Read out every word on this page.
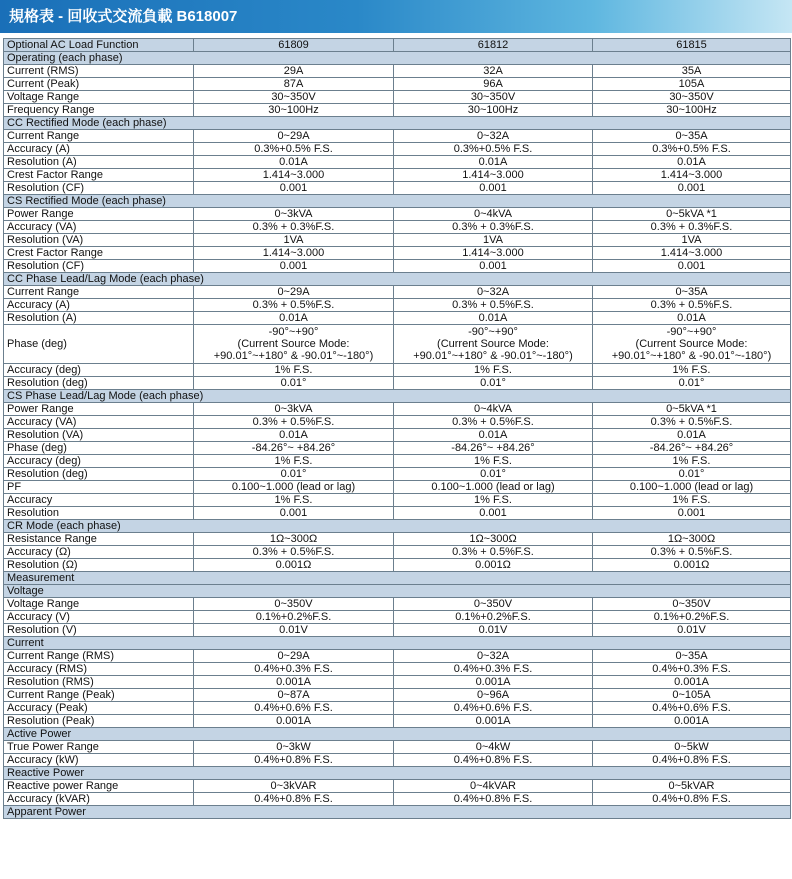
規格表 - 回收式交流負載 B618007
Optional AC Load Function	61809	61812	61815
Operating (each phase)			
Current (RMS)	29A	32A	35A
Current (Peak)	87A	96A	105A
Voltage Range	30~350V	30~350V	30~350V
Frequency Range	30~100Hz	30~100Hz	30~100Hz
CC Rectified Mode (each phase)			
Current Range	0~29A	0~32A	0~35A
Accuracy (A)	0.3%+0.5% F.S.	0.3%+0.5% F.S.	0.3%+0.5% F.S.
Resolution (A)	0.01A	0.01A	0.01A
Crest Factor Range	1.414~3.000	1.414~3.000	1.414~3.000
Resolution (CF)	0.001	0.001	0.001
CS Rectified Mode (each phase)			
Power Range	0~3kVA	0~4kVA	0~5kVA *1
Accuracy (VA)	0.3% + 0.3%F.S.	0.3% + 0.3%F.S.	0.3% + 0.3%F.S.
Resolution (VA)	1VA	1VA	1VA
Crest Factor Range	1.414~3.000	1.414~3.000	1.414~3.000
Resolution (CF)	0.001	0.001	0.001
CC Phase Lead/Lag Mode (each phase)			
Current Range	0~29A	0~32A	0~35A
Accuracy (A)	0.3% + 0.5%F.S.	0.3% + 0.5%F.S.	0.3% + 0.5%F.S.
Resolution (A)	0.01A	0.01A	0.01A
Phase (deg)	-90°~+90°
(Current Source Mode:
+90.01°~+180° & -90.01°~-180°)	-90°~+90°
(Current Source Mode:
+90.01°~+180° & -90.01°~-180°)	-90°~+90°
(Current Source Mode:
+90.01°~+180° & -90.01°~-180°)
Accuracy (deg)	1% F.S.	1% F.S.	1% F.S.
Resolution (deg)	0.01°	0.01°	0.01°
CS Phase Lead/Lag Mode (each phase)			
Power Range	0~3kVA	0~4kVA	0~5kVA *1
Accuracy (VA)	0.3% + 0.5%F.S.	0.3% + 0.5%F.S.	0.3% + 0.5%F.S.
Resolution (VA)	0.01A	0.01A	0.01A
Phase (deg)	-84.26°~ +84.26°	-84.26°~ +84.26°	-84.26°~ +84.26°
Accuracy (deg)	1% F.S.	1% F.S.	1% F.S.
Resolution (deg)	0.01°	0.01°	0.01°
PF	0.100~1.000 (lead or lag)	0.100~1.000 (lead or lag)	0.100~1.000 (lead or lag)
Accuracy	1% F.S.	1% F.S.	1% F.S.
Resolution	0.001	0.001	0.001
CR Mode (each phase)			
Resistance Range	1Ω~300Ω	1Ω~300Ω	1Ω~300Ω
Accuracy (Ω)	0.3% + 0.5%F.S.	0.3% + 0.5%F.S.	0.3% + 0.5%F.S.
Resolution (Ω)	0.001Ω	0.001Ω	0.001Ω
Measurement			
Voltage			
Voltage Range	0~350V	0~350V	0~350V
Accuracy (V)	0.1%+0.2%F.S.	0.1%+0.2%F.S.	0.1%+0.2%F.S.
Resolution (V)	0.01V	0.01V	0.01V
Current			
Current Range (RMS)	0~29A	0~32A	0~35A
Accuracy (RMS)	0.4%+0.3% F.S.	0.4%+0.3% F.S.	0.4%+0.3% F.S.
Resolution (RMS)	0.001A	0.001A	0.001A
Current Range (Peak)	0~87A	0~96A	0~105A
Accuracy (Peak)	0.4%+0.6% F.S.	0.4%+0.6% F.S.	0.4%+0.6% F.S.
Resolution (Peak)	0.001A	0.001A	0.001A
Active Power			
True Power Range	0~3kW	0~4kW	0~5kW
Accuracy (kW)	0.4%+0.8% F.S.	0.4%+0.8% F.S.	0.4%+0.8% F.S.
Reactive Power			
Reactive power Range	0~3kVAR	0~4kVAR	0~5kVAR
Accuracy (kVAR)	0.4%+0.8% F.S.	0.4%+0.8% F.S.	0.4%+0.8% F.S.
Apparent Power			
